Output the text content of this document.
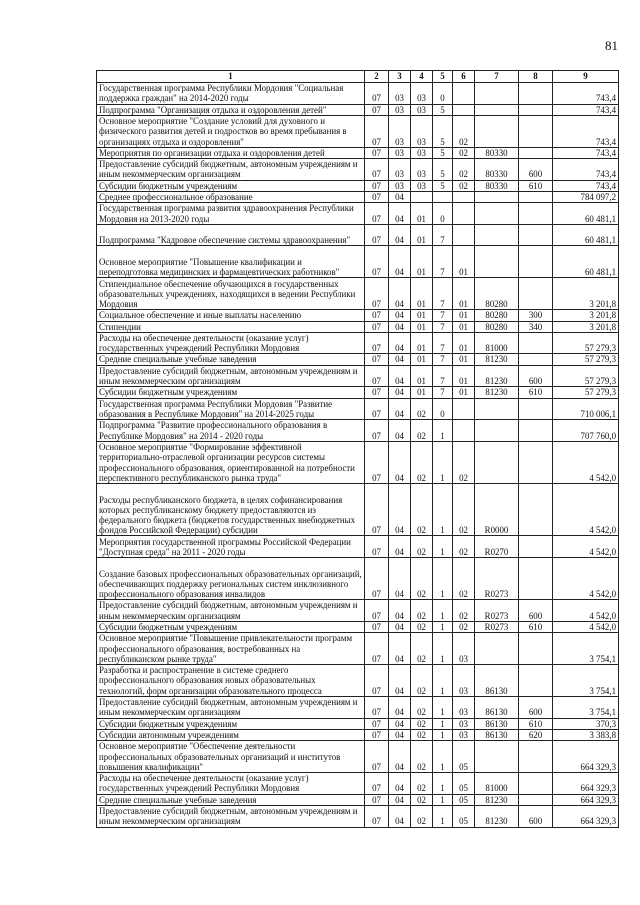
81
1	2	3	4	5	6	7	8	9
Государственная программа Республики Мордовия "Социальная поддержка граждан" на 2014-2020 годы	07	03	03	0				743,4
Подпрограмма "Организация отдыха и оздоровления детей"	07	03	03	5				743,4
Основное мероприятие "Создание условий для духовного и физического развития детей и подростков во время пребывания в организациях отдыха и оздоровления"	07	03	03	5	02			743,4
Мероприятия по организации отдыха и оздоровления детей	07	03	03	5	02	80330		743,4
Предоставление субсидий бюджетным, автономным учреждениям и иным некоммерческим организациям	07	03	03	5	02	80330	600	743,4
Субсидии бюджетным учреждениям	07	03	03	5	02	80330	610	743,4
Среднее профессиональное образование	07	04						784 097,2
Государственная программа развития здравоохранения Республики Мордовия на 2013-2020 годы	07	04	01	0				60 481,1
Подпрограмма "Кадровое обеспечение системы здравоохранения"	07	04	01	7				60 481,1
Основное мероприятие "Повышение квалификации и переподготовка медицинских и фармацевтических работников"	07	04	01	7	01			60 481,1
Стипендиальное обеспечение обучающихся в государственных образовательных учреждениях, находящихся в ведении Республики Мордовия	07	04	01	7	01	80280		3 201,8
Социальное обеспечение и иные выплаты населению	07	04	01	7	01	80280	300	3 201,8
Стипендии	07	04	01	7	01	80280	340	3 201,8
Расходы на обеспечение деятельности (оказание услуг) государственных учреждений Республики Мордовия	07	04	01	7	01	81000		57 279,3
Средние специальные учебные заведения	07	04	01	7	01	81230		57 279,3
Предоставление субсидий бюджетным, автономным учреждениям и иным некоммерческим организациям	07	04	01	7	01	81230	600	57 279,3
Субсидии бюджетным учреждениям	07	04	01	7	01	81230	610	57 279,3
Государственная программа Республики Мордовия "Развитие образования в Республике Мордовия" на 2014-2025 годы	07	04	02	0				710 006,1
Подпрограмма "Развитие профессионального образования в Республике Мордовия" на 2014 - 2020 годы	07	04	02	1				707 760,0
Основное мероприятие "Формирование эффективной территориально-отраслевой организации ресурсов системы профессионального образования, ориентированной на потребности перспективного республиканского рынка труда"	07	04	02	1	02			4 542,0
Расходы республиканского бюджета, в целях софинансирования которых республиканскому бюджету предоставляются из федерального бюджета (бюджетов государственных внебюджетных фондов Российской Федерации) субсидии	07	04	02	1	02	R0000		4 542,0
Мероприятия государственной программы Российской Федерации "Доступная среда" на 2011 - 2020 годы	07	04	02	1	02	R0270		4 542,0
Создание базовых профессиональных образовательных организаций, обеспечивающих поддержку региональных систем инклюзивного профессионального образования инвалидов	07	04	02	1	02	R0273		4 542,0
Предоставление субсидий бюджетным, автономным учреждениям и иным некоммерческим организациям	07	04	02	1	02	R0273	600	4 542,0
Субсидии бюджетным учреждениям	07	04	02	1	02	R0273	610	4 542,0
Основное мероприятие "Повышение привлекательности программ профессионального образования, востребованных на республиканском рынке труда"	07	04	02	1	03			3 754,1
Разработка и распространение в системе среднего профессионального образования новых образовательных технологий, форм организации образовательного процесса	07	04	02	1	03	86130		3 754,1
Предоставление субсидий бюджетным, автономным учреждениям и иным некоммерческим организациям	07	04	02	1	03	86130	600	3 754,1
Субсидии бюджетным учреждениям	07	04	02	1	03	86130	610	370,3
Субсидии автономным учреждениям	07	04	02	1	03	86130	620	3 383,8
Основное мероприятие "Обеспечение деятельности профессиональных образовательных организаций и институтов повышения квалификации"	07	04	02	1	05			664 329,3
Расходы на обеспечение деятельности (оказание услуг) государственных учреждений Республики Мордовия	07	04	02	1	05	81000		664 329,3
Средние специальные учебные заведения	07	04	02	1	05	81230		664 329,3
Предоставление субсидий бюджетным, автономным учреждениям и иным некоммерческим организациям	07	04	02	1	05	81230	600	664 329,3
